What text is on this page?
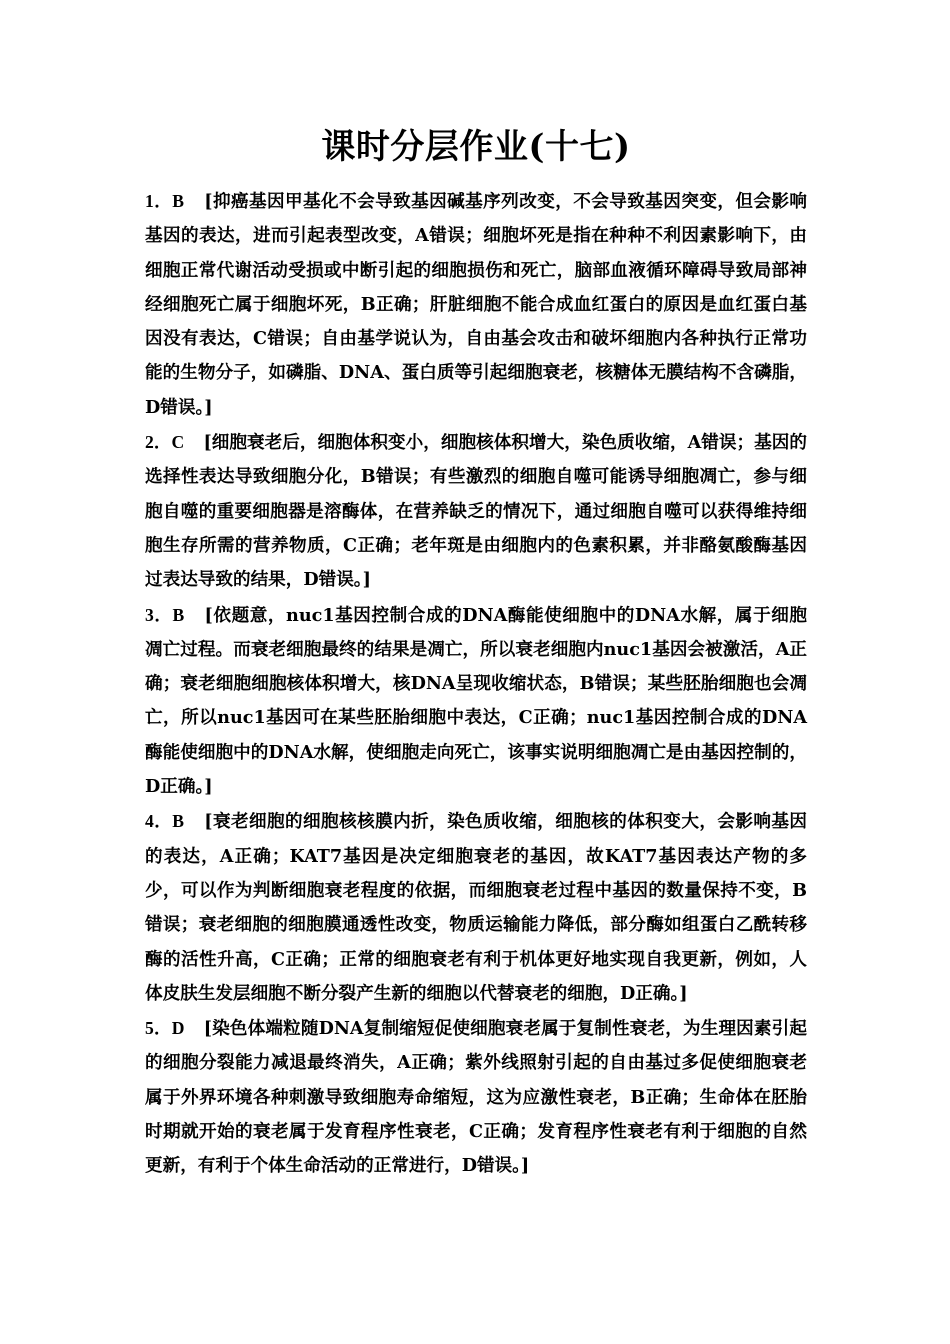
课时分层作业(十七)

1．B [抑癌基因甲基化不会导致基因碱基序列改变，不会导致基因突变，但会影响基因的表达，进而引起表型改变，A错误；细胞坏死是指在种种不利因素影响下，由细胞正常代谢活动受损或中断引起的细胞损伤和死亡，脑部血液循环障碍导致局部神经细胞死亡属于细胞坏死，B正确；肝脏细胞不能合成血红蛋白的原因是血红蛋白基因没有表达，C错误；自由基学说认为，自由基会攻击和破坏细胞内各种执行正常功能的生物分子，如磷脂、DNA、蛋白质等引起细胞衰老，核糖体无膜结构不含磷脂，D错误。]

2．C [细胞衰老后，细胞体积变小，细胞核体积增大，染色质收缩，A错误；基因的选择性表达导致细胞分化，B错误；有些激烈的细胞自噬可能诱导细胞凋亡，参与细胞自噬的重要细胞器是溶酶体，在营养缺乏的情况下，通过细胞自噬可以获得维持细胞生存所需的营养物质，C正确；老年斑是由细胞内的色素积累，并非酪氨酸酶基因过表达导致的结果，D错误。]

3．B [依题意，nuc1基因控制合成的DNA酶能使细胞中的DNA水解，属于细胞凋亡过程。而衰老细胞最终的结果是凋亡，所以衰老细胞内nuc1基因会被激活，A正确；衰老细胞细胞核体积增大，核DNA呈现收缩状态，B错误；某些胚胎细胞也会凋亡，所以nuc1基因可在某些胚胎细胞中表达，C正确；nuc1基因控制合成的DNA酶能使细胞中的DNA水解，使细胞走向死亡，该事实说明细胞凋亡是由基因控制的，D正确。]

4．B [衰老细胞的细胞核核膜内折，染色质收缩，细胞核的体积变大，会影响基因的表达，A正确；KAT7基因是决定细胞衰老的基因，故KAT7基因表达产物的多少，可以作为判断细胞衰老程度的依据，而细胞衰老过程中基因的数量保持不变，B错误；衰老细胞的细胞膜通透性改变，物质运输能力降低，部分酶如组蛋白乙酰转移酶的活性升高，C正确；正常的细胞衰老有利于机体更好地实现自我更新，例如，人体皮肤生发层细胞不断分裂产生新的细胞以代替衰老的细胞，D正确。]

5．D [染色体端粒随DNA复制缩短促使细胞衰老属于复制性衰老，为生理因素引起的细胞分裂能力减退最终消失，A正确；紫外线照射引起的自由基过多促使细胞衰老属于外界环境各种刺激导致细胞寿命缩短，这为应激性衰老，B正确；生命体在胚胎时期就开始的衰老属于发育程序性衰老，C正确；发育程序性衰老有利于细胞的自然更新，有利于个体生命活动的正常进行，D错误。]
